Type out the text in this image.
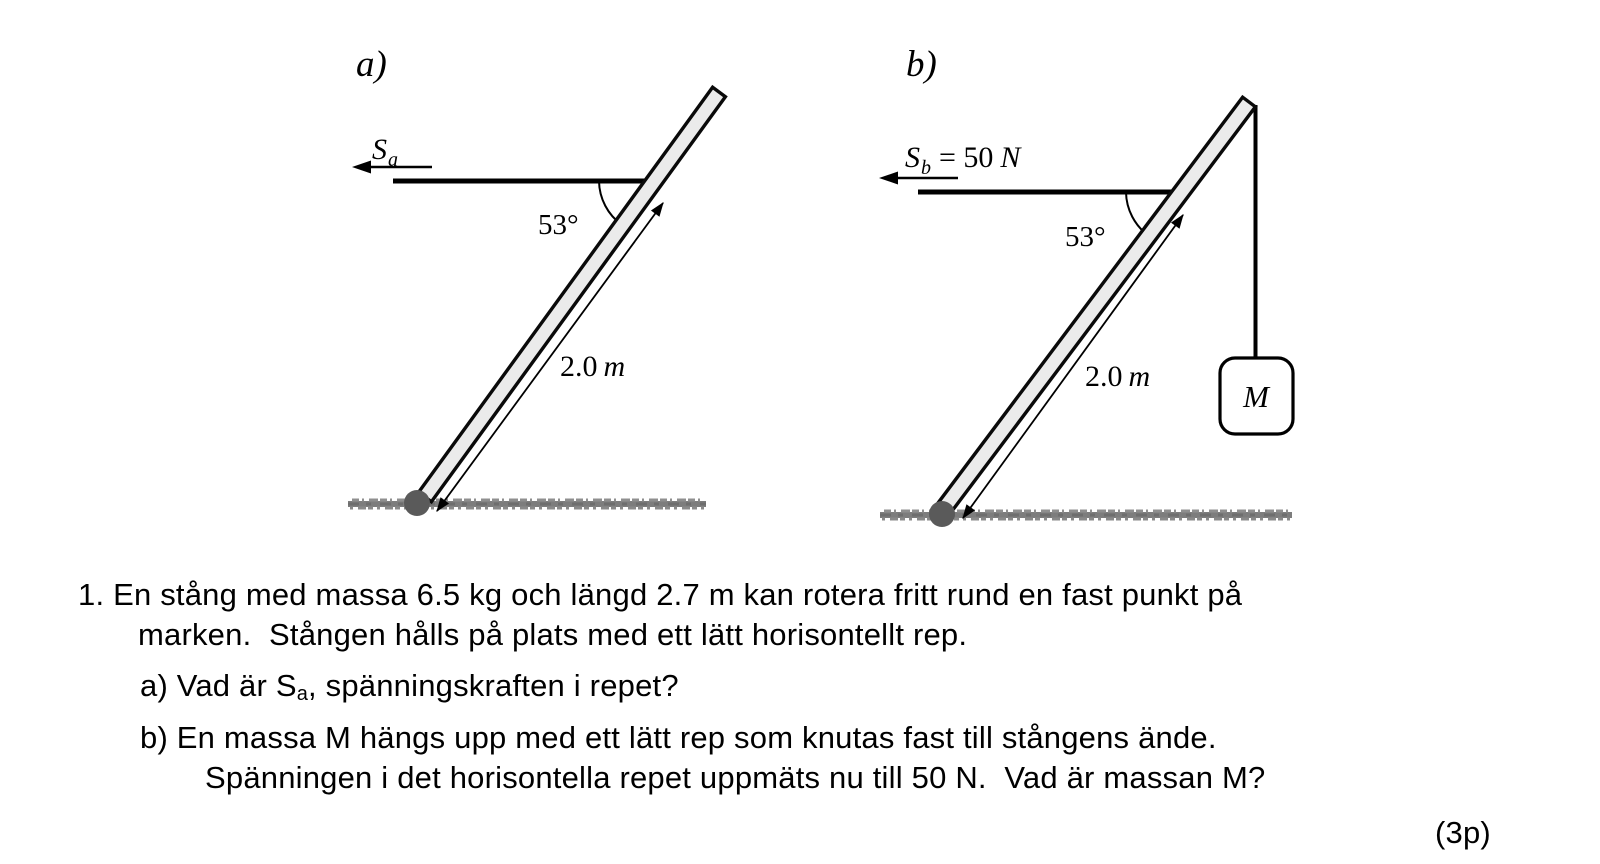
a)
$S_a$
53°
2.0 m
b)
$S_b = 50$ N
53°
2.0 m
M
1. En stång med massa 6.5 kg och längd 2.7 m kan rotera fritt rund en fast punkt på
marken.  Stången hålls på plats med ett lätt horisontellt rep.
a) Vad är Sa, spänningskraften i repet?
b) En massa M hängs upp med ett lätt rep som knutas fast till stångens ände.
Spänningen i det horisontella repet uppmäts nu till 50 N.  Vad är massan M?
(3p)
